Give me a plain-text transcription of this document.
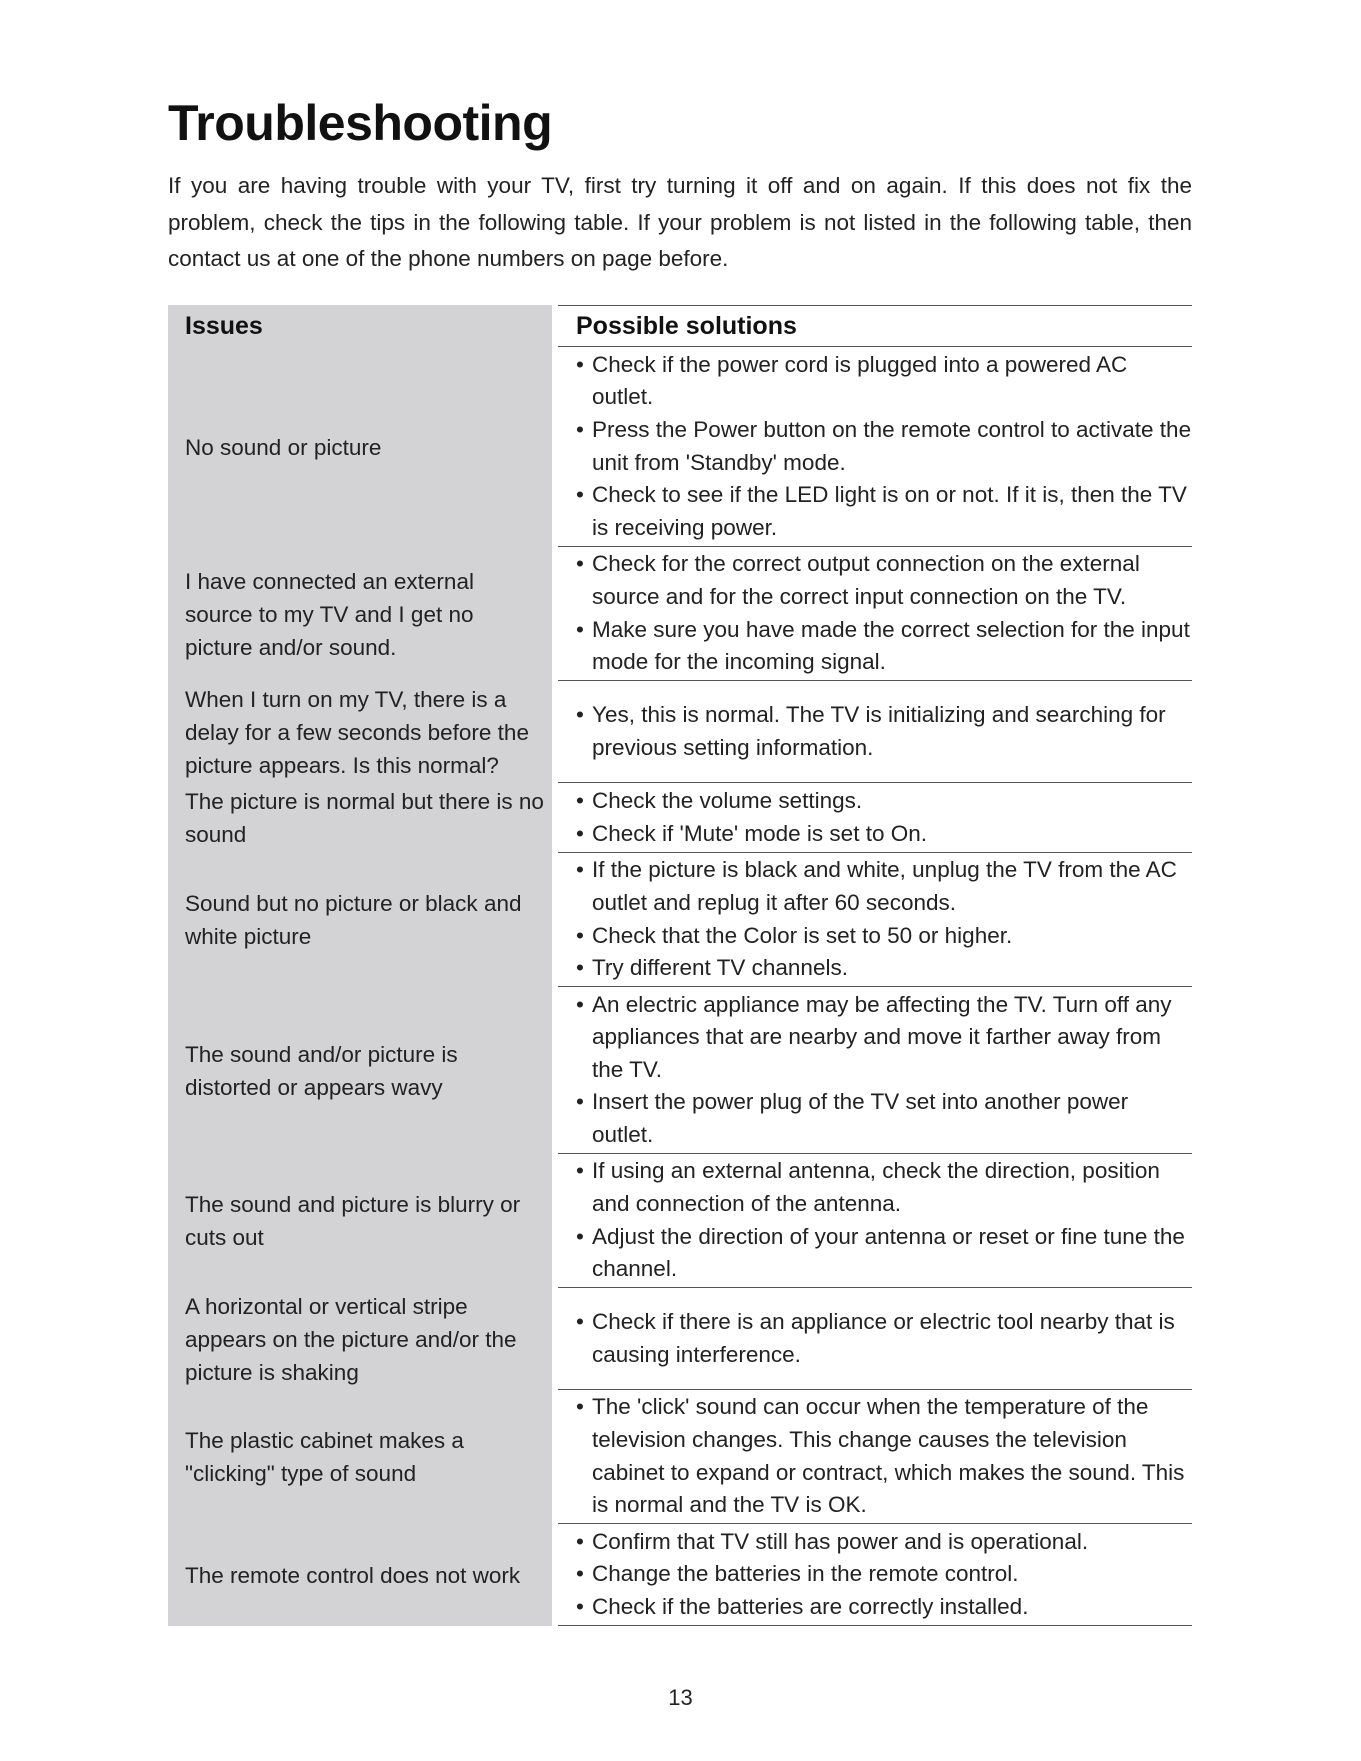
Troubleshooting

If you are having trouble with your TV, first try turning it off and on again. If this does not fix the problem, check the tips in the following table. If your problem is not listed in the following table, then contact us at one of the phone numbers on page before.

Issues	Possible solutions
No sound or picture
• Check if the power cord is plugged into a powered AC outlet.
• Press the Power button on the remote control to activate the unit from 'Standby' mode.
• Check to see if the LED light is on or not. If it is, then the TV is receiving power.
I have connected an external source to my TV and I get no picture and/or sound.
• Check for the correct output connection on the external source and for the correct input connection on the TV.
• Make sure you have made the correct selection for the input mode for the incoming signal.
When I turn on my TV, there is a delay for a few seconds before the picture appears. Is this normal?
• Yes, this is normal. The TV is initializing and searching for previous setting information.
The picture is normal but there is no sound
• Check the volume settings.
• Check if 'Mute' mode is set to On.
Sound but no picture or black and white picture
• If the picture is black and white, unplug the TV from the AC outlet and replug it after 60 seconds.
• Check that the Color is set to 50 or higher.
• Try different TV channels.
The sound and/or picture is distorted or appears wavy
• An electric appliance may be affecting the TV. Turn off any appliances that are nearby and move it farther away from the TV.
• Insert the power plug of the TV set into another power outlet.
The sound and picture is blurry or cuts out
• If using an external antenna, check the direction, position and connection of the antenna.
• Adjust the direction of your antenna or reset or fine tune the channel.
A horizontal or vertical stripe appears on the picture and/or the picture is shaking
• Check if there is an appliance or electric tool nearby that is causing interference.
The plastic cabinet makes a "clicking" type of sound
• The 'click' sound can occur when the temperature of the television changes. This change causes the television cabinet to expand or contract, which makes the sound. This is normal and the TV is OK.
The remote control does not work
• Confirm that TV still has power and is operational.
• Change the batteries in the remote control.
• Check if the batteries are correctly installed.
13
